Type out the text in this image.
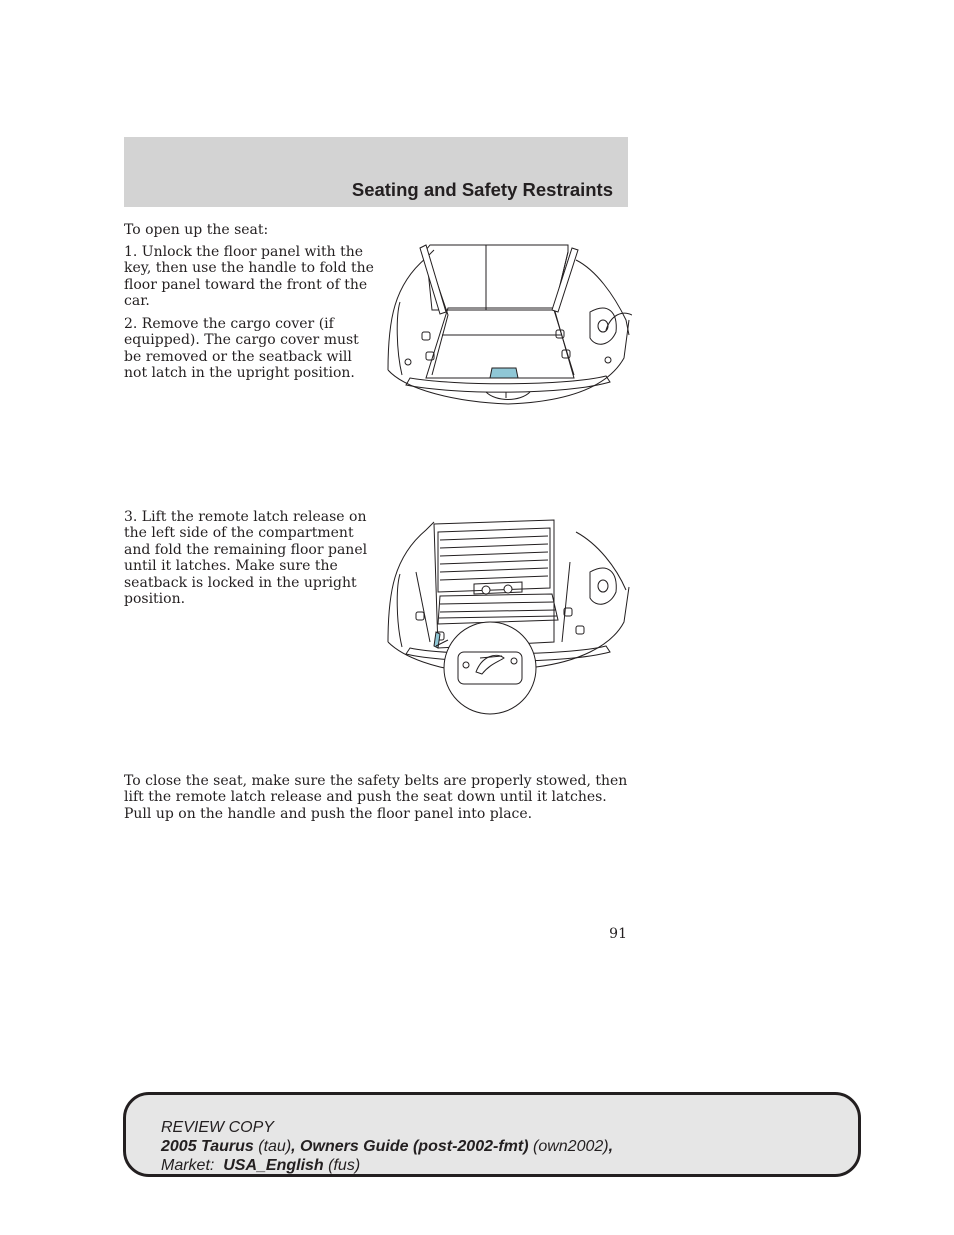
Seating and Safety Restraints

To open up the seat:

1. Unlock the floor panel with the key, then use the handle to fold the floor panel toward the front of the car.

2. Remove the cargo cover (if equipped). The cargo cover must be removed or the seatback will not latch in the upright position.

3. Lift the remote latch release on the left side of the compartment and fold the remaining floor panel until it latches. Make sure the seatback is locked in the upright position.

To close the seat, make sure the safety belts are properly stowed, then lift the remote latch release and push the seat down until it latches. Pull up on the handle and push the floor panel into place.

91
REVIEW COPY
2005 Taurus (tau), Owners Guide (post-2002-fmt) (own2002),
Market: USA_English (fus)
